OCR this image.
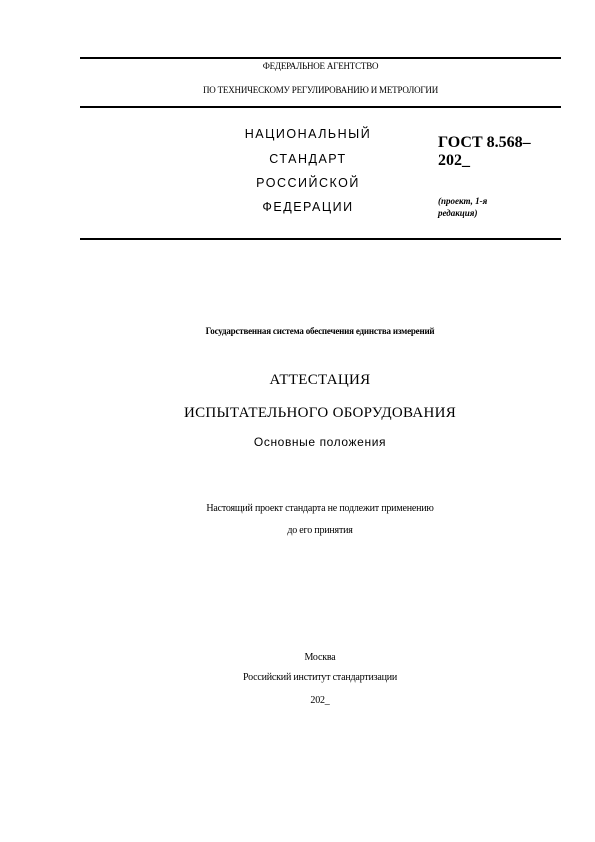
ФЕДЕРАЛЬНОЕ АГЕНТСТВО
ПО ТЕХНИЧЕСКОМУ РЕГУЛИРОВАНИЮ И МЕТРОЛОГИИ
НАЦИОНАЛЬНЫЙ
СТАНДАРТ
РОССИЙСКОЙ
ФЕДЕРАЦИИ
ГОСТ 8.568–
202_
(проект, 1-я
редакция)
Государственная система обеспечения единства измерений
АТТЕСТАЦИЯ
ИСПЫТАТЕЛЬНОГО ОБОРУДОВАНИЯ
Основные положения
Настоящий проект стандарта не подлежит применению
до его принятия
Москва
Российский институт стандартизации
202_
